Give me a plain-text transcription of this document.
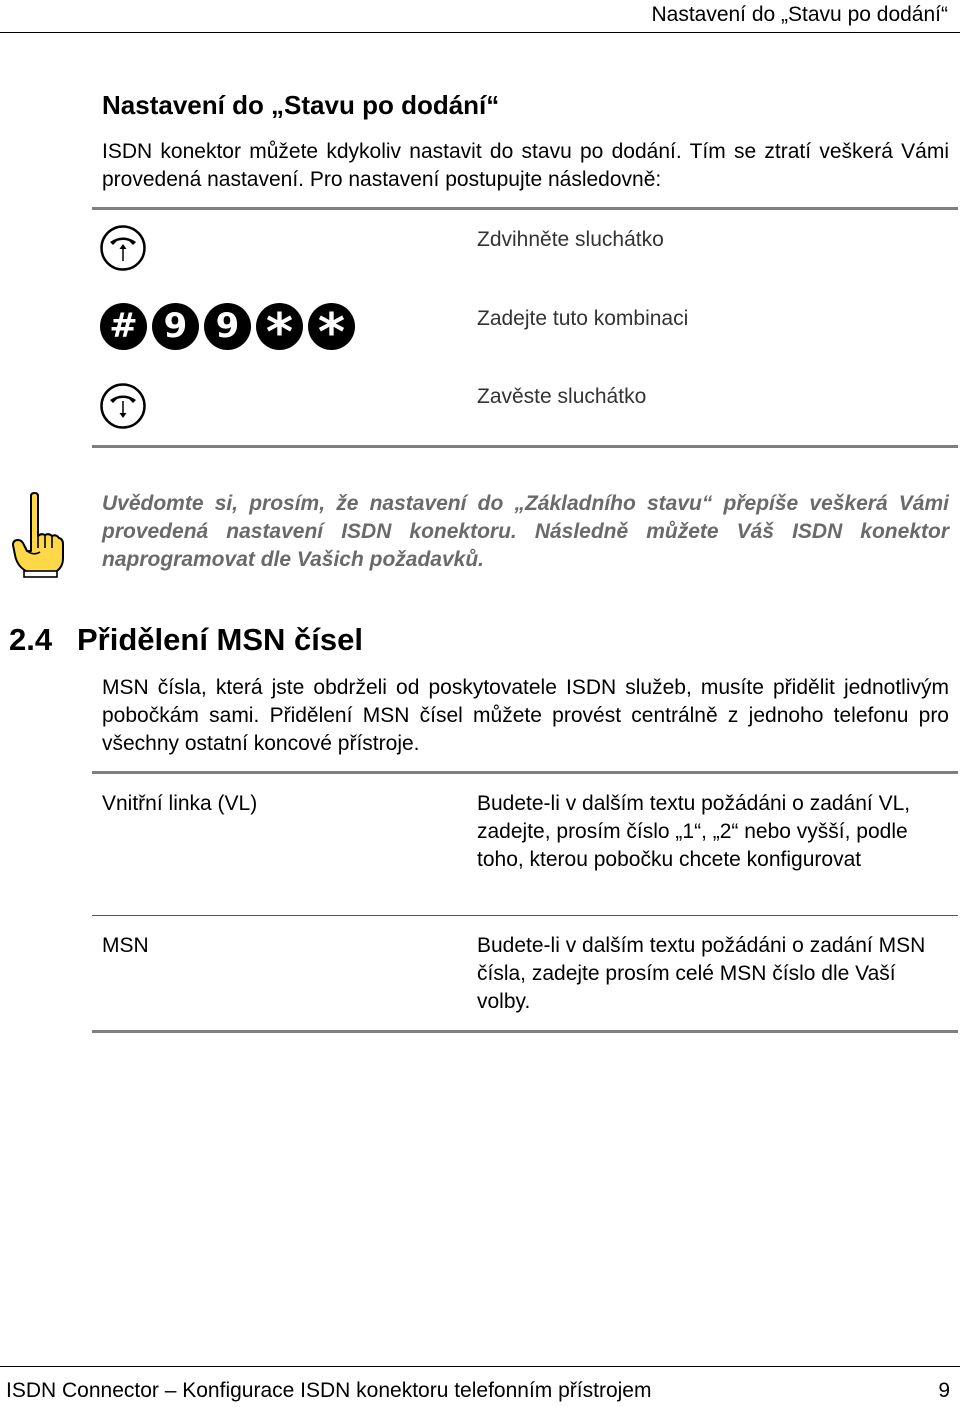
Nastavení do „Stavu po dodání“
Nastavení do „Stavu po dodání“
ISDN konektor můžete kdykoliv nastavit do stavu po dodání. Tím se ztratí veškerá Vámi provedená nastavení. Pro nastavení postupujte následovně:
Zdvihněte sluchátko
# 9 9 * *	Zadejte tuto kombinaci
Zavěste sluchátko
Uvědomte si, prosím, že nastavení do „Základního stavu“ přepíše veškerá Vámi provedená nastavení ISDN konektoru. Následně můžete Váš ISDN konektor naprogramovat dle Vašich požadavků.
2.4 Přidělení MSN čísel
MSN čísla, která jste obdrželi od poskytovatele ISDN služeb, musíte přidělit jednotlivým pobočkám sami. Přidělení MSN čísel můžete provést centrálně z jednoho telefonu pro všechny ostatní koncové přístroje.
Vnitřní linka (VL)	Budete-li v dalším textu požádáni o zadání VL, zadejte, prosím číslo „1“, „2“ nebo vyšší, podle toho, kterou pobočku chcete konfigurovat
MSN	Budete-li v dalším textu požádáni o zadání MSN čísla, zadejte prosím celé MSN číslo dle Vaší volby.
ISDN Connector – Konfigurace ISDN konektoru telefonním přístrojem	9
